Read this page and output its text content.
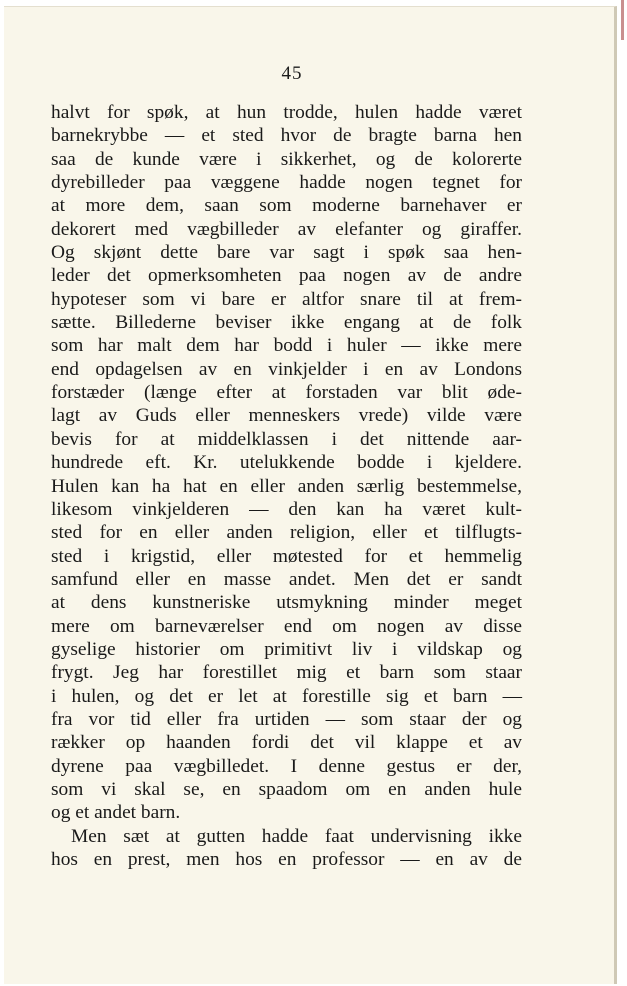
45
halvt for spøk, at hun trodde, hulen hadde været
barnekrybbe — et sted hvor de bragte barna hen
saa de kunde være i sikkerhet, og de kolorerte
dyrebilleder paa væggene hadde nogen tegnet for
at more dem, saan som moderne barnehaver er
dekorert med vægbilleder av elefanter og giraffer.
Og skjønt dette bare var sagt i spøk saa hen-
leder det opmerksomheten paa nogen av de andre
hypoteser som vi bare er altfor snare til at frem-
sætte. Billederne beviser ikke engang at de folk
som har malt dem har bodd i huler — ikke mere
end opdagelsen av en vinkjelder i en av Londons
forstæder (længe efter at forstaden var blit øde-
lagt av Guds eller menneskers vrede) vilde være
bevis for at middelklassen i det nittende aar-
hundrede eft. Kr. utelukkende bodde i kjeldere.
Hulen kan ha hat en eller anden særlig bestemmelse,
likesom vinkjelderen — den kan ha været kult-
sted for en eller anden religion, eller et tilflugts-
sted i krigstid, eller møtested for et hemmelig
samfund eller en masse andet. Men det er sandt
at dens kunstneriske utsmykning minder meget
mere om barneværelser end om nogen av disse
gyselige historier om primitivt liv i vildskap og
frygt. Jeg har forestillet mig et barn som staar
i hulen, og det er let at forestille sig et barn —
fra vor tid eller fra urtiden — som staar der og
rækker op haanden fordi det vil klappe et av
dyrene paa vægbilledet. I denne gestus er der,
som vi skal se, en spaadom om en anden hule
og et andet barn.
Men sæt at gutten hadde faat undervisning ikke
hos en prest, men hos en professor — en av de
